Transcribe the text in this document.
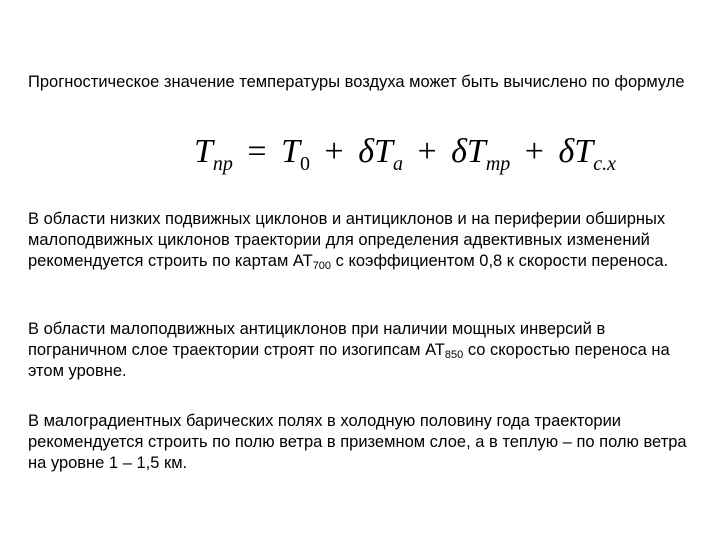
Прогностическое значение температуры воздуха может быть вычислено по формуле

$T_{пр} = T_0 + \delta T_а + \delta T_{тр} + \delta T_{с.х}$

В области низких подвижных циклонов и антициклонов и на периферии обширных малоподвижных циклонов траектории для определения адвективных изменений рекомендуется строить по картам $АТ_{700}$ с коэффициентом 0,8 к скорости переноса.

В области малоподвижных антициклонов при наличии мощных инверсий в пограничном слое траектории строят по изогипсам $АТ_{850}$ со скоростью переноса на этом уровне.

В малоградиентных барических полях в холодную половину года траектории рекомендуется строить по полю ветра в приземном слое, а в теплую – по полю ветра на уровне 1 – 1,5 км.
